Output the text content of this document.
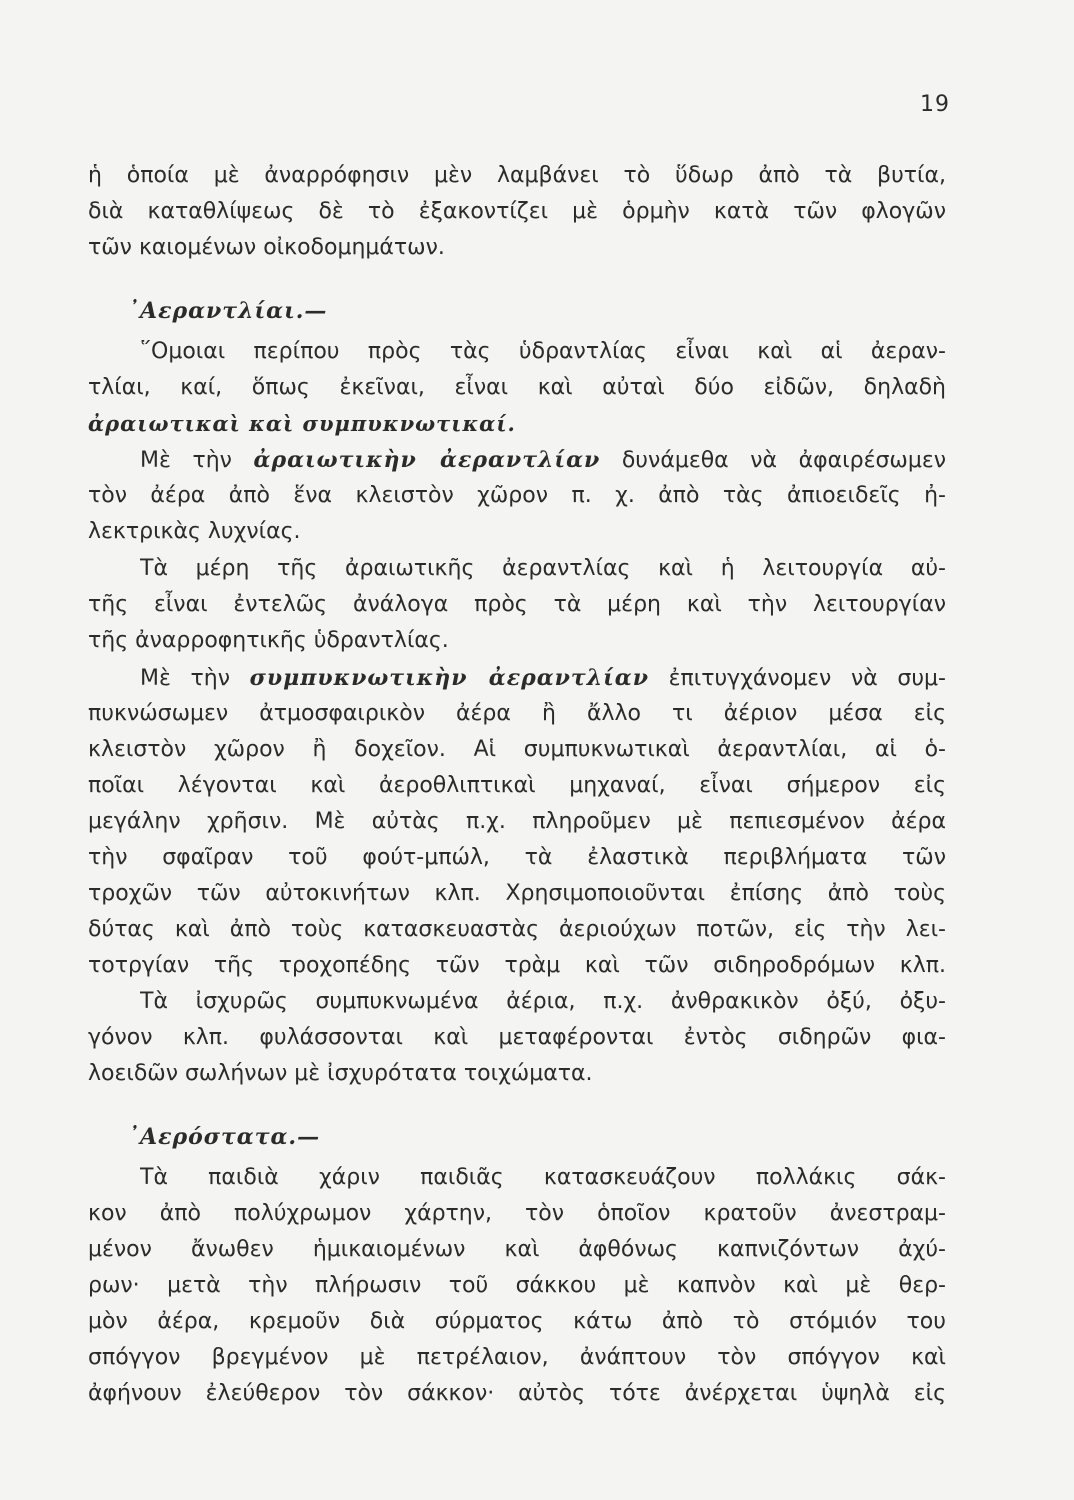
19
ἡ ὁποία μὲ ἀναρρόφησιν μὲν λαμβάνει τὸ ὕδωρ ἀπὸ τὰ βυτία,
διὰ καταθλίψεως δὲ τὸ ἐξακοντίζει μὲ ὁρμὴν κατὰ τῶν φλογῶν
τῶν καιομένων οἰκοδομημάτων.
᾿Αεραντλίαι.—
῞Ομοιαι περίπου πρὸς τὰς ὑδραντλίας εἶναι καὶ αἱ ἀεραν-
τλίαι, καί, ὅπως ἐκεῖναι, εἶναι καὶ αὐταὶ δύο εἰδῶν, δηλαδὴ
ἀραιωτικαὶ καὶ συμπυκνωτικαί.
Μὲ τὴν ἀραιωτικὴν ἀεραντλίαν δυνάμεθα νὰ ἀφαιρέσωμεν
τὸν ἀέρα ἀπὸ ἕνα κλειστὸν χῶρον π. χ. ἀπὸ τὰς ἀπιοειδεῖς ἠ-
λεκτρικὰς λυχνίας.
Τὰ μέρη τῆς ἀραιωτικῆς ἀεραντλίας καὶ ἡ λειτουργία αὐ-
τῆς εἶναι ἐντελῶς ἀνάλογα πρὸς τὰ μέρη καὶ τὴν λειτουργίαν
τῆς ἀναρροφητικῆς ὑδραντλίας.
Μὲ τὴν συμπυκνωτικὴν ἀεραντλίαν ἐπιτυγχάνομεν νὰ συμ-
πυκνώσωμεν ἀτμοσφαιρικὸν ἀέρα ἢ ἄλλο τι ἀέριον μέσα εἰς
κλειστὸν χῶρον ἢ δοχεῖον. Αἱ συμπυκνωτικαὶ ἀεραντλίαι, αἱ ὁ-
ποῖαι λέγονται καὶ ἀεροθλιπτικαὶ μηχαναί, εἶναι σήμερον εἰς
μεγάλην χρῆσιν. Μὲ αὐτὰς π.χ. πληροῦμεν μὲ πεπιεσμένον ἀέρα
τὴν σφαῖραν τοῦ φούτ-μπώλ, τὰ ἐλαστικὰ περιβλήματα τῶν
τροχῶν τῶν αὐτοκινήτων κλπ. Χρησιμοποιοῦνται ἐπίσης ἀπὸ τοὺς
δύτας καὶ ἀπὸ τοὺς κατασκευαστὰς ἀεριούχων ποτῶν, εἰς τὴν λει-
τοτργίαν τῆς τροχοπέδης τῶν τρὰμ καὶ τῶν σιδηροδρόμων κλπ.
Τὰ ἰσχυρῶς συμπυκνωμένα ἀέρια, π.χ. ἀνθρακικὸν ὀξύ, ὀξυ-
γόνον κλπ. φυλάσσονται καὶ μεταφέρονται ἐντὸς σιδηρῶν φια-
λοειδῶν σωλήνων μὲ ἰσχυρότατα τοιχώματα.
᾿Αερόστατα.—
Τὰ παιδιὰ χάριν παιδιᾶς κατασκευάζουν πολλάκις σάκ-
κον ἀπὸ πολύχρωμον χάρτην, τὸν ὁποῖον κρατοῦν ἀνεστραμ-
μένον ἄνωθεν ἡμικαιομένων καὶ ἀφθόνως καπνιζόντων ἀχύ-
ρων· μετὰ τὴν πλήρωσιν τοῦ σάκκου μὲ καπνὸν καὶ μὲ θερ-
μὸν ἀέρα, κρεμοῦν διὰ σύρματος κάτω ἀπὸ τὸ στόμιόν του
σπόγγον βρεγμένον μὲ πετρέλαιον, ἀνάπτουν τὸν σπόγγον καὶ
ἀφήνουν ἐλεύθερον τὸν σάκκον· αὐτὸς τότε ἀνέρχεται ὑψηλὰ εἰς
